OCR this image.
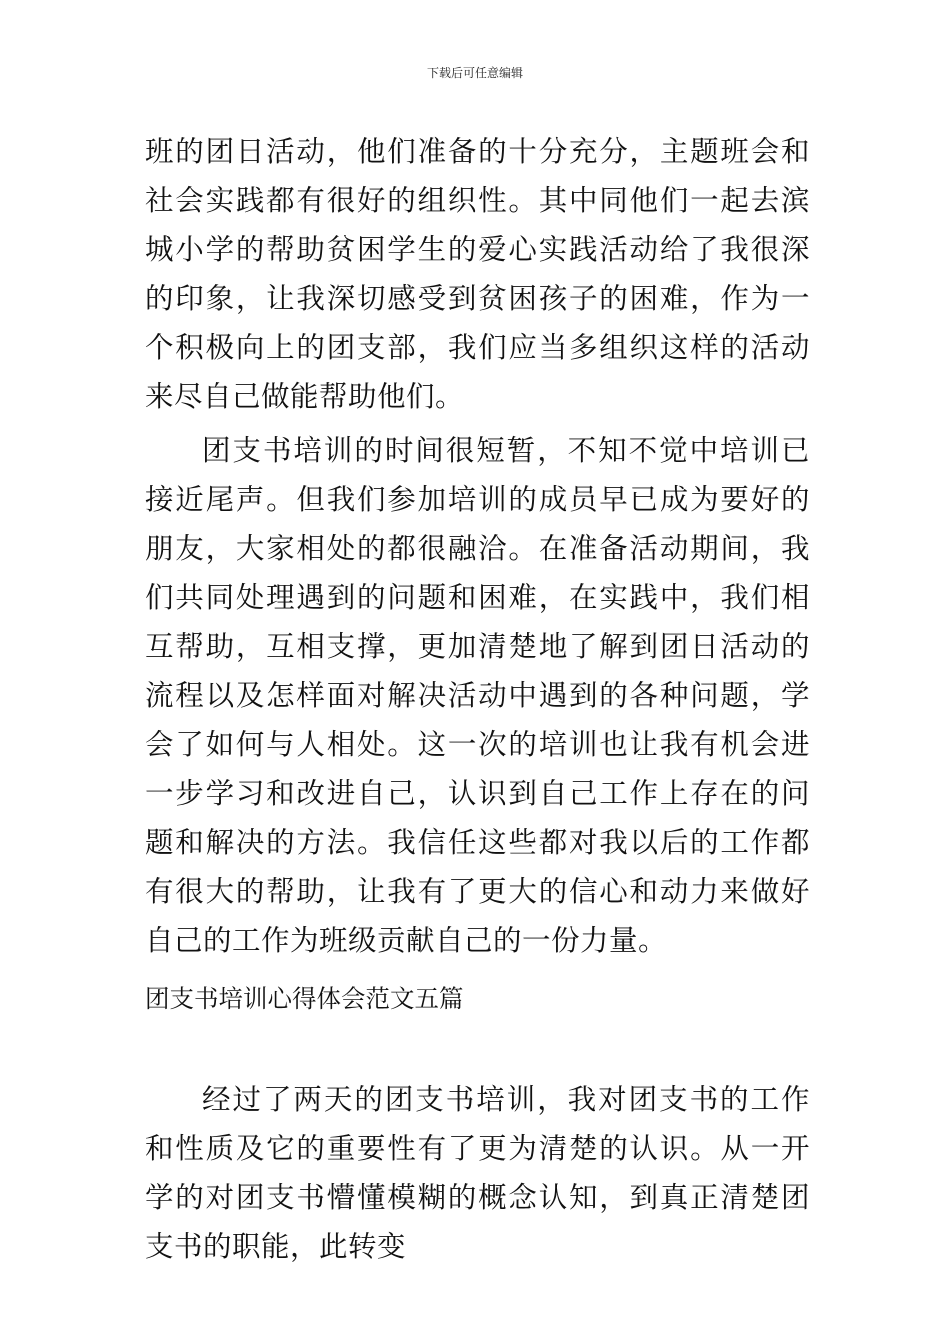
下载后可任意编辑

班的团日活动，他们准备的十分充分，主题班会和社会实践都有很好的组织性。其中同他们一起去滨城小学的帮助贫困学生的爱心实践活动给了我很深的印象，让我深切感受到贫困孩子的困难，作为一个积极向上的团支部，我们应当多组织这样的活动来尽自己做能帮助他们。

团支书培训的时间很短暂，不知不觉中培训已接近尾声。但我们参加培训的成员早已成为要好的朋友，大家相处的都很融洽。在准备活动期间，我们共同处理遇到的问题和困难，在实践中，我们相互帮助，互相支撑，更加清楚地了解到团日活动的流程以及怎样面对解决活动中遇到的各种问题，学会了如何与人相处。这一次的培训也让我有机会进一步学习和改进自己，认识到自己工作上存在的问题和解决的方法。我信任这些都对我以后的工作都有很大的帮助，让我有了更大的信心和动力来做好自己的工作为班级贡献自己的一份力量。

团支书培训心得体会范文五篇

经过了两天的团支书培训，我对团支书的工作和性质及它的重要性有了更为清楚的认识。从一开学的对团支书懵懂模糊的概念认知，到真正清楚团支书的职能，此转变
